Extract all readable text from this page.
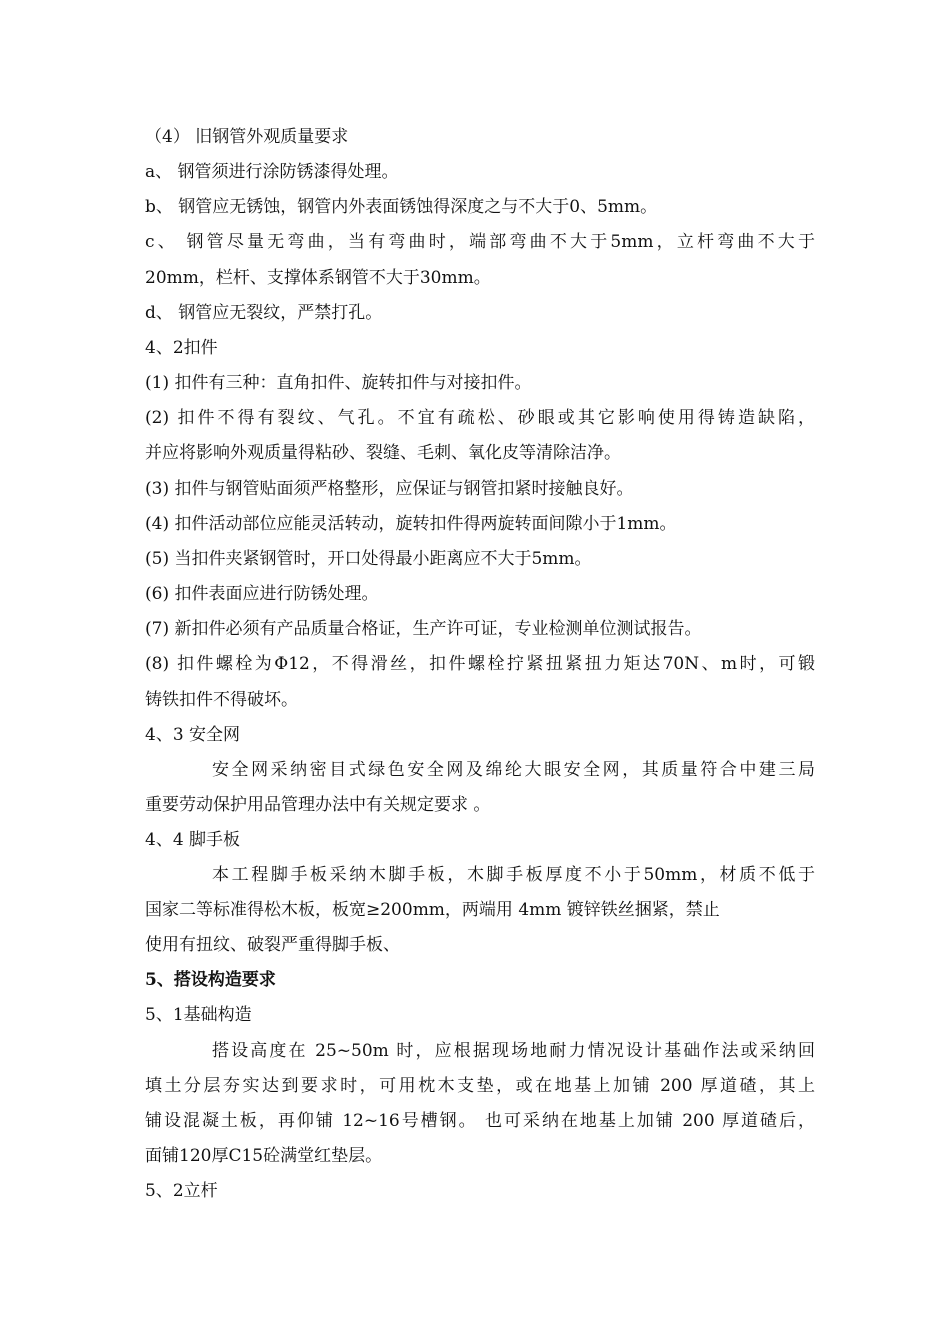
（4） 旧钢管外观质量要求

a、 钢管须进行涂防锈漆得处理。

b、 钢管应无锈蚀，钢管内外表面锈蚀得深度之与不大于0、5mm。

c、 钢管尽量无弯曲，当有弯曲时，端部弯曲不大于5mm，立杆弯曲不大于

20mm，栏杆、支撑体系钢管不大于30mm。

d、 钢管应无裂纹，严禁打孔。

4、2扣件

(1) 扣件有三种：直角扣件、旋转扣件与对接扣件。

(2) 扣件不得有裂纹、气孔。不宜有疏松、砂眼或其它影响使用得铸造缺陷，

并应将影响外观质量得粘砂、裂缝、毛刺、氧化皮等清除洁净。

(3) 扣件与钢管贴面须严格整形，应保证与钢管扣紧时接触良好。

(4) 扣件活动部位应能灵活转动，旋转扣件得两旋转面间隙小于1mm。

(5) 当扣件夹紧钢管时，开口处得最小距离应不大于5mm。

(6) 扣件表面应进行防锈处理。

(7) 新扣件必须有产品质量合格证，生产许可证，专业检测单位测试报告。

(8) 扣件螺栓为Φ12，不得滑丝，扣件螺栓拧紧扭紧扭力矩达70N、m时，可锻

铸铁扣件不得破坏。

4、3 安全网

安全网采纳密目式绿色安全网及绵纶大眼安全网，其质量符合中建三局

重要劳动保护用品管理办法中有关规定要求 。

4、4 脚手板

本工程脚手板采纳木脚手板，木脚手板厚度不小于50mm，材质不低于

国家二等标准得松木板，板宽≥200mm，两端用 4mm 镀锌铁丝捆紧，禁止

使用有扭纹、破裂严重得脚手板、

5、搭设构造要求

5、1基础构造

搭设高度在 25~50m 时，应根据现场地耐力情况设计基础作法或采纳回

填土分层夯实达到要求时，可用枕木支垫，或在地基上加铺 200 厚道碴，其上

铺设混凝土板，再仰铺 12~16号槽钢。 也可采纳在地基上加铺 200 厚道碴后，

面铺120厚C15砼满堂红垫层。

5、2立杆
